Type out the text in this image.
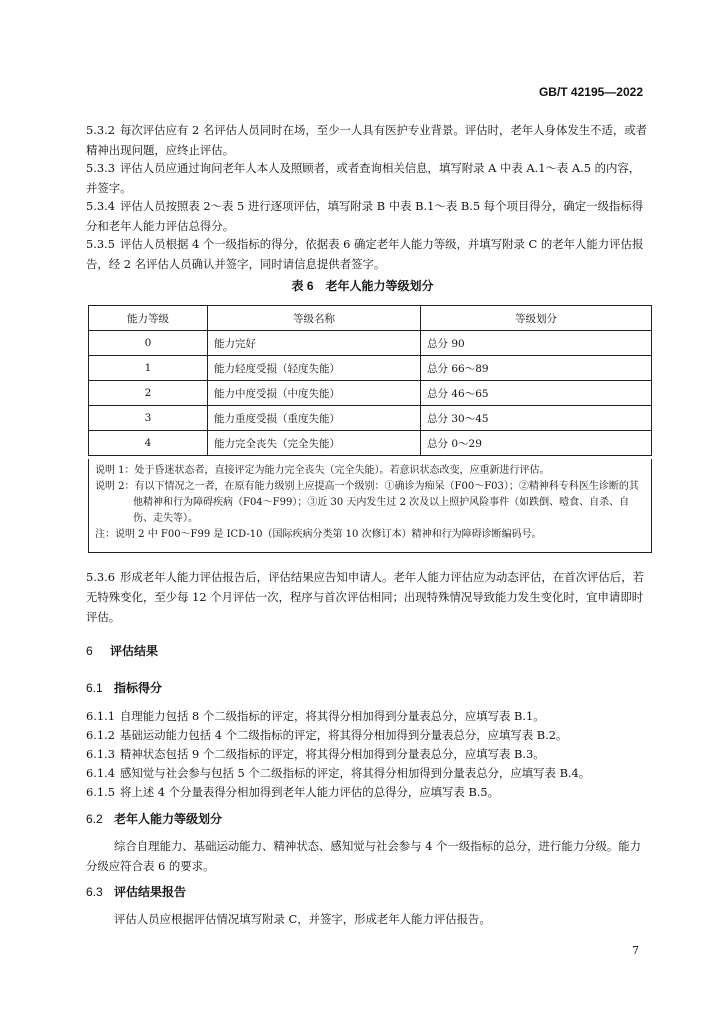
GB/T 42195—2022
5.3.2 每次评估应有 2 名评估人员同时在场，至少一人具有医护专业背景。评估时，老年人身体发生不适，或者精神出现问题，应终止评估。
5.3.3 评估人员应通过询问老年人本人及照顾者，或者查询相关信息，填写附录 A 中表 A.1～表 A.5 的内容，并签字。
5.3.4 评估人员按照表 2～表 5 进行逐项评估，填写附录 B 中表 B.1～表 B.5 每个项目得分，确定一级指标得分和老年人能力评估总得分。
5.3.5 评估人员根据 4 个一级指标的得分，依据表 6 确定老年人能力等级，并填写附录 C 的老年人能力评估报告，经 2 名评估人员确认并签字，同时请信息提供者签字。
表 6　老年人能力等级划分
能力等级	等级名称	等级划分
0	能力完好	总分 90
1	能力轻度受损（轻度失能）	总分 66～89
2	能力中度受损（中度失能）	总分 46～65
3	能力重度受损（重度失能）	总分 30～45
4	能力完全丧失（完全失能）	总分 0～29
说明 1：处于昏迷状态者，直接评定为能力完全丧失（完全失能）。若意识状态改变，应重新进行评估。
说明 2：有以下情况之一者，在原有能力级别上应提高一个级别：①确诊为痴呆（F00～F03）；②精神科专科医生诊断的其他精神和行为障碍疾病（F04～F99）；③近 30 天内发生过 2 次及以上照护风险事件（如跌倒、噎食、自杀、自伤、走失等）。
注：说明 2 中 F00～F99 是 ICD-10（国际疾病分类第 10 次修订本）精神和行为障碍诊断编码号。
5.3.6 形成老年人能力评估报告后，评估结果应告知申请人。老年人能力评估应为动态评估，在首次评估后，若无特殊变化，至少每 12 个月评估一次，程序与首次评估相同；出现特殊情况导致能力发生变化时，宜申请即时评估。
6 评估结果
6.1 指标得分
6.1.1 自理能力包括 8 个二级指标的评定，将其得分相加得到分量表总分，应填写表 B.1。
6.1.2 基础运动能力包括 4 个二级指标的评定，将其得分相加得到分量表总分，应填写表 B.2。
6.1.3 精神状态包括 9 个二级指标的评定，将其得分相加得到分量表总分，应填写表 B.3。
6.1.4 感知觉与社会参与包括 5 个二级指标的评定，将其得分相加得到分量表总分，应填写表 B.4。
6.1.5 将上述 4 个分量表得分相加得到老年人能力评估的总得分，应填写表 B.5。
6.2 老年人能力等级划分
综合自理能力、基础运动能力、精神状态、感知觉与社会参与 4 个一级指标的总分，进行能力分级。能力分级应符合表 6 的要求。
6.3 评估结果报告
评估人员应根据评估情况填写附录 C，并签字，形成老年人能力评估报告。
7
